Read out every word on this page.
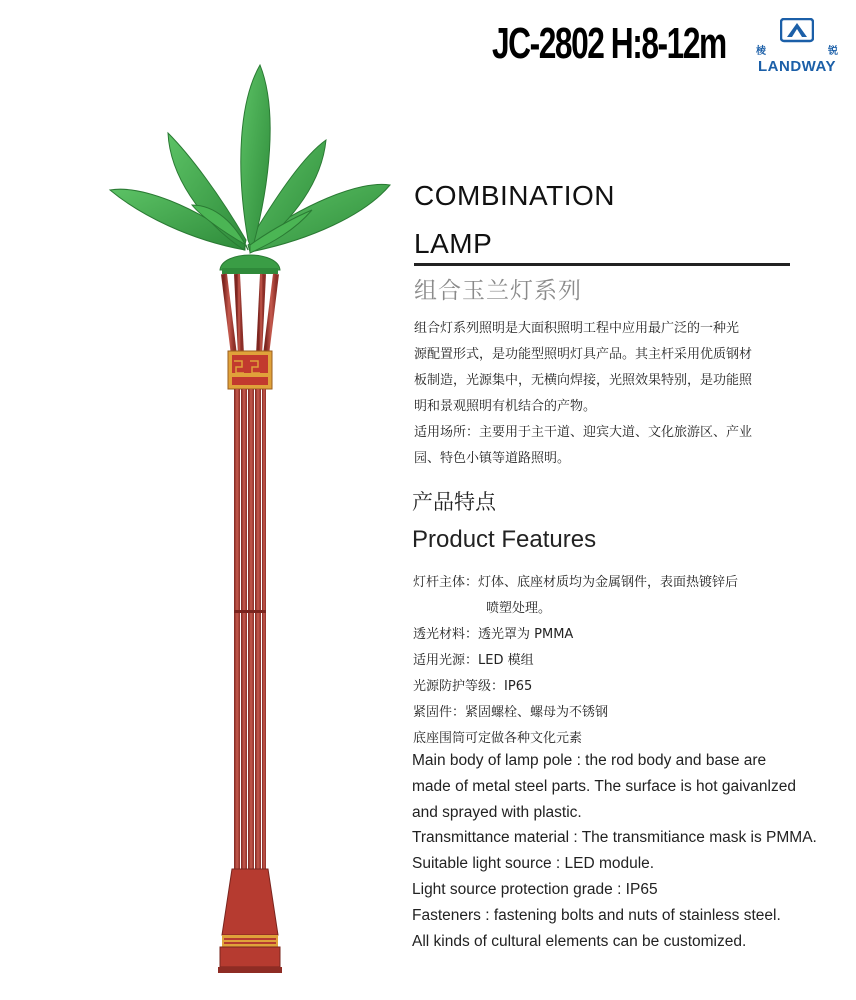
JC-2802 H:8-12m	棱	锐
LANDWAY
COMBINATION
LAMP
组合玉兰灯系列

组合灯系列照明是大面积照明工程中应用最广泛的一种光

源配置形式，是功能型照明灯具产品。其主杆采用优质钢材

板制造，光源集中，无横向焊接，光照效果特别，是功能照

明和景观照明有机结合的产物。

适用场所：主要用于主干道、迎宾大道、文化旅游区、产业

园、特色小镇等道路照明。

产品特点
Product Features
灯杆主体： 灯体、底座材质均为金属钢件，表面热镀锌后
喷塑处理。
透光材料： 透光罩为 PMMA
适用光源： LED 模组
光源防护等级： IP65
紧固件： 紧固螺栓、螺母为不锈钢
底座围筒可定做各种文化元素

Main body of lamp pole : the rod body and base are

made of metal steel parts. The surface is hot gaivanlzed

and sprayed with plastic.

Transmittance material : The transmitiance mask is PMMA.

Suitable light source : LED module.

Light source protection grade : IP65

Fasteners : fastening bolts and nuts of stainless steel.

All kinds of cultural elements can be customized.
